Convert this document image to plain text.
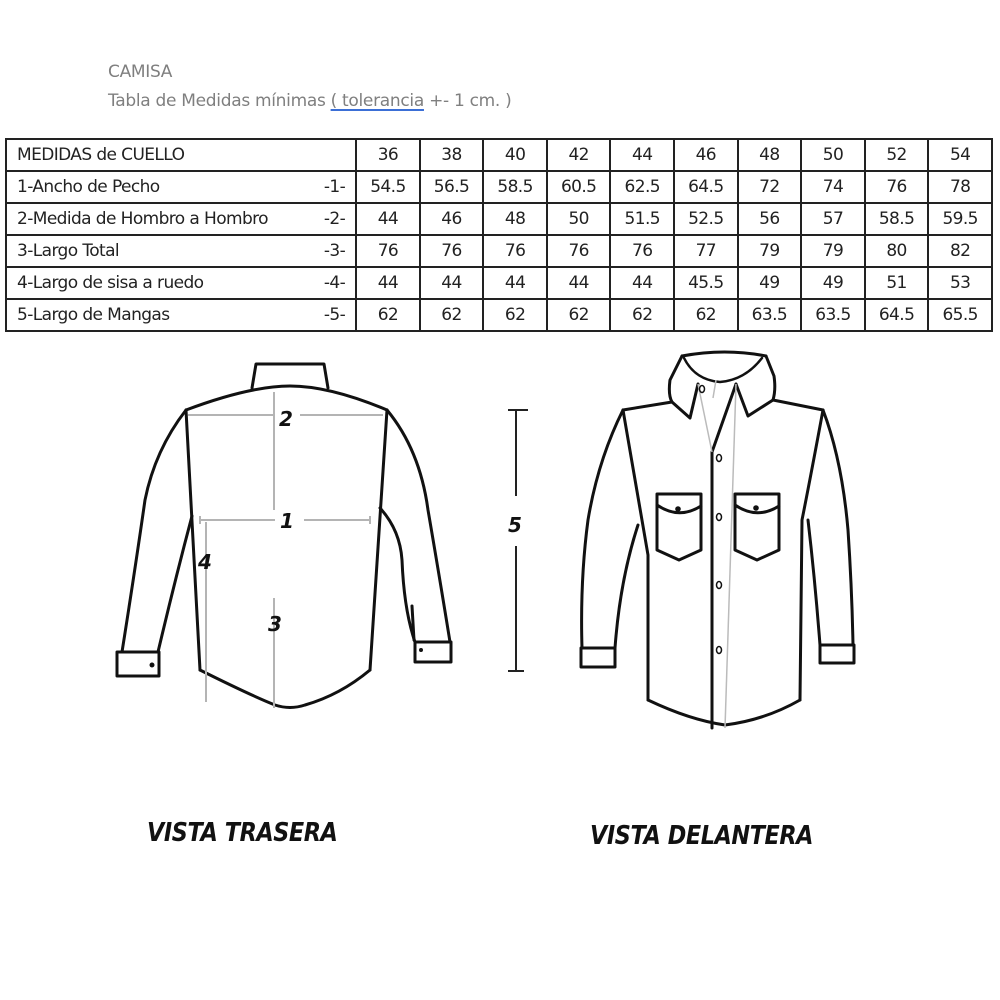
CAMISA
Tabla de Medidas mínimas ( tolerancia +- 1 cm. )
MEDIDAS de CUELLO		36	38	40	42	44	46	48	50	52	54
1-Ancho de Pecho	-1-	54.5	56.5	58.5	60.5	62.5	64.5	72	74	76	78
2-Medida de Hombro a Hombro	-2-	44	46	48	50	51.5	52.5	56	57	58.5	59.5
3-Largo Total	-3-	76	76	76	76	76	77	79	79	80	82
4-Largo de sisa a ruedo	-4-	44	44	44	44	44	45.5	49	49	51	53
5-Largo de Mangas	-5-	62	62	62	62	62	62	63.5	63.5	64.5	65.5
2
1
4
3
5
VISTA TRASERA	VISTA DELANTERA
